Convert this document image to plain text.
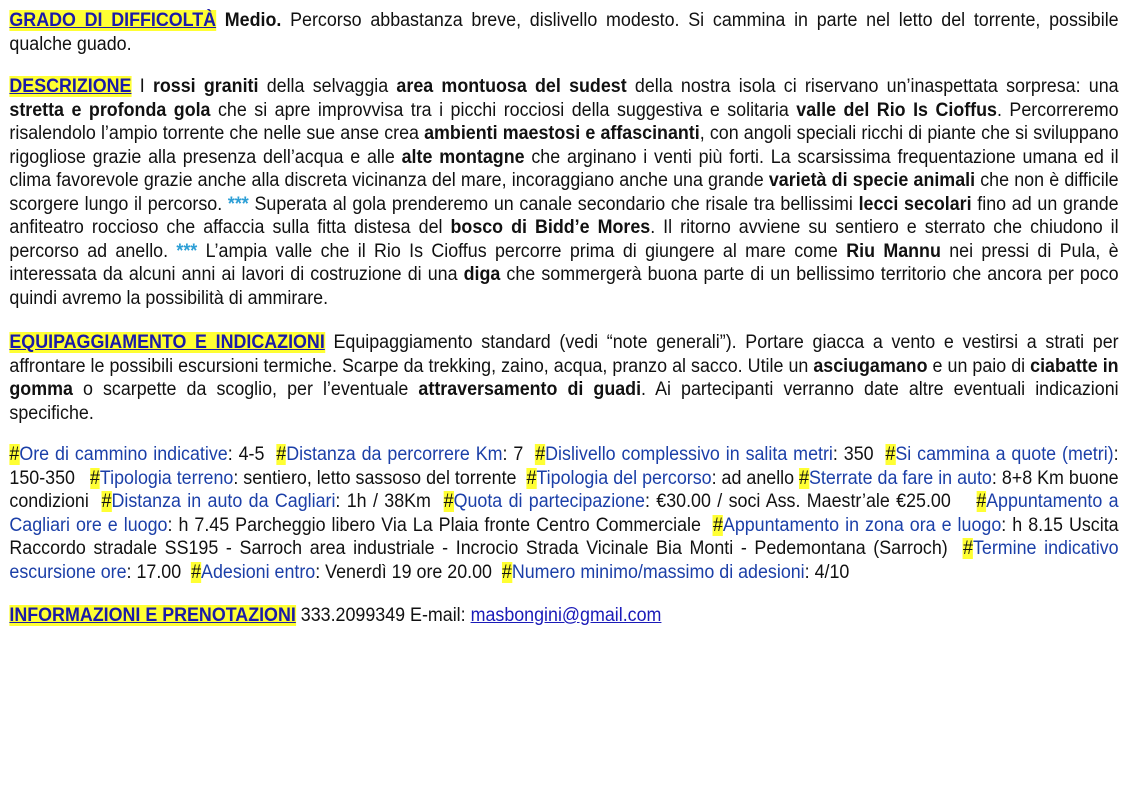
GRADO DI DIFFICOLTÀ Medio. Percorso abbastanza breve, dislivello modesto. Si cammina in parte nel letto del torrente, possibile qualche guado.

DESCRIZIONE I rossi graniti della selvaggia area montuosa del sudest della nostra isola ci riservano un’inaspettata sorpresa: una stretta e profonda gola che si apre improvvisa tra i picchi rocciosi della suggestiva e solitaria valle del Rio Is Cioffus. Percorreremo risalendolo l’ampio torrente che nelle sue anse crea ambienti maestosi e affascinanti, con angoli speciali ricchi di piante che si sviluppano rigogliose grazie alla presenza dell’acqua e alle alte montagne che arginano i venti più forti. La scarsissima frequentazione umana ed il clima favorevole grazie anche alla discreta vicinanza del mare, incoraggiano anche una grande varietà di specie animali che non è difficile scorgere lungo il percorso. *** Superata al gola prenderemo un canale secondario che risale tra bellissimi lecci secolari fino ad un grande anfiteatro roccioso che affaccia sulla fitta distesa del bosco di Bidd’e Mores. Il ritorno avviene su sentiero e sterrato che chiudono il percorso ad anello. *** L’ampia valle che il Rio Is Cioffus percorre prima di giungere al mare come Riu Mannu nei pressi di Pula, è interessata da alcuni anni ai lavori di costruzione di una diga che sommergerà buona parte di un bellissimo territorio che ancora per poco quindi avremo la possibilità di ammirare.

EQUIPAGGIAMENTO E INDICAZIONI Equipaggiamento standard (vedi “note generali”). Portare giacca a vento e vestirsi a strati per affrontare le possibili escursioni termiche. Scarpe da trekking, zaino, acqua, pranzo al sacco. Utile un asciugamano e un paio di ciabatte in gomma o scarpette da scoglio, per l’eventuale attraversamento di guadi. Ai partecipanti verranno date altre eventuali indicazioni specifiche.

#Ore di cammino indicative: 4-5  #Distanza da percorrere Km: 7  #Dislivello complessivo in salita metri: 350  #Si cammina a quote (metri):  150-350   #Tipologia terreno: sentiero, letto sassoso del torrente  #Tipologia del percorso: ad anello #Sterrate da fare in auto: 8+8 Km buone condizioni  #Distanza in auto da Cagliari: 1h / 38Km  #Quota di partecipazione: €30.00 / soci Ass. Maestr’ale €25.00    #Appuntamento a Cagliari ore e luogo: h 7.45 Parcheggio libero Via La Plaia fronte Centro Commerciale  #Appuntamento in zona ora e luogo: h 8.15 Uscita Raccordo stradale SS195 - Sarroch area industriale - Incrocio Strada Vicinale Bia Monti - Pedemontana (Sarroch)  #Termine indicativo escursione ore: 17.00  #Adesioni entro: Venerdì 19 ore 20.00  #Numero minimo/massimo di adesioni: 4/10

INFORMAZIONI E PRENOTAZIONI 333.2099349 E-mail: masbongini@gmail.com
